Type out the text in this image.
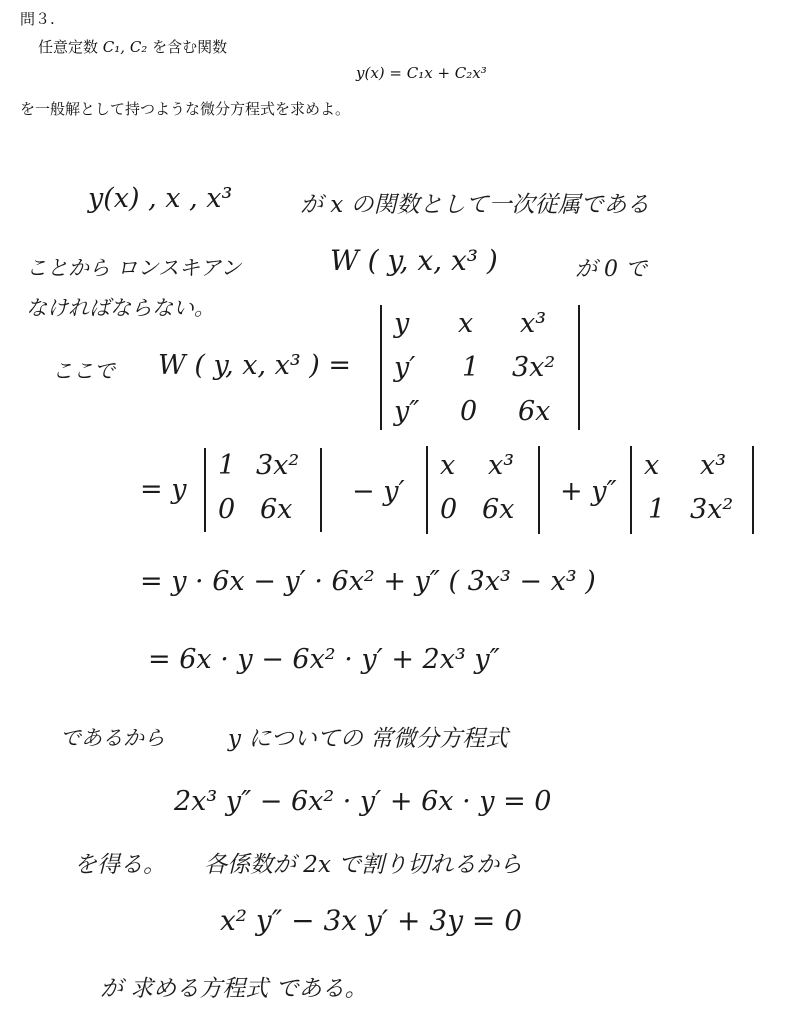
問３.
任意定数 C₁, C₂ を含む関数
y(x) = C₁x + C₂x³
を一般解として持つような微分方程式を求めよ。
y(x) , x , x³	が x の関数として一次従属である
ことから ロンスキアン	W ( y, x, x³ )	が 0 で
なければならない。
ここで W ( y, x, x³ ) =
y x x³
y′ 1 3x²
y″ 0 6x
= y
1 3x²
0 6x
− y′
x x³
0 6x
+ y″
x x³
1 3x²
= y · 6x − y′ · 6x² + y″ ( 3x³ − x³ )
= 6x · y − 6x² · y′ + 2x³ y″
であるから	y についての 常微分方程式
2x³ y″ − 6x² · y′ + 6x · y = 0
を得る。 各係数が 2x で割り切れるから
x² y″ − 3x y′ + 3y = 0
が 求める方程式 である。
